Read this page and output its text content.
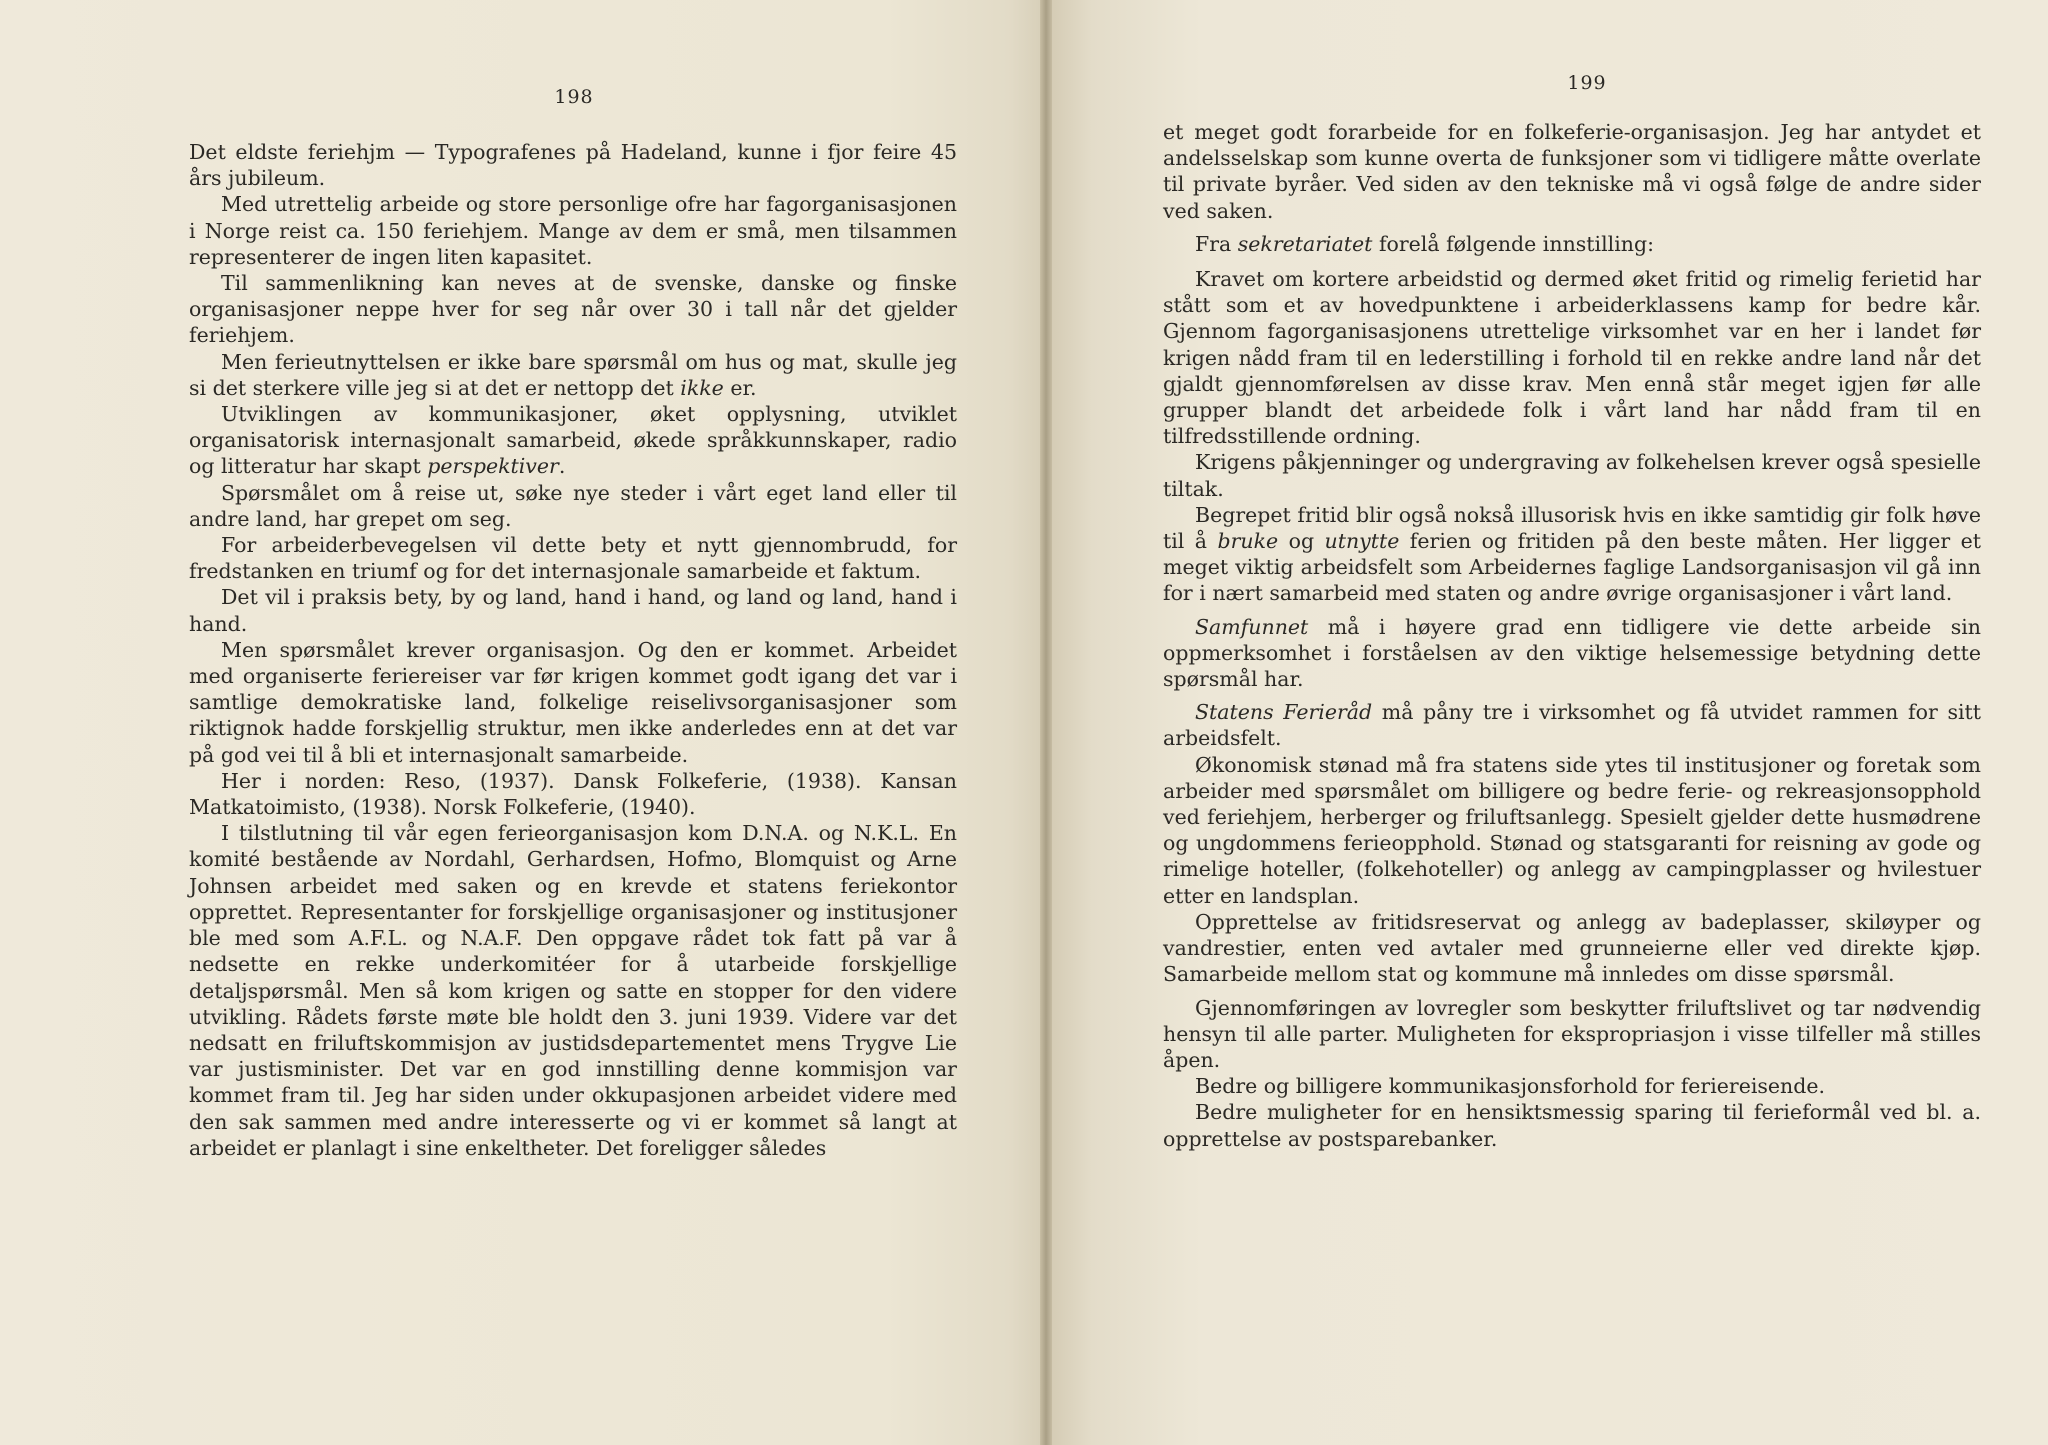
198

Det eldste feriehjm — Typografenes på Hadeland, kunne i fjor feire 45 års jubileum.

Med utrettelig arbeide og store personlige ofre har fagorganisasjonen i Norge reist ca. 150 feriehjem. Mange av dem er små, men tilsammen representerer de ingen liten kapasitet.

Til sammenlikning kan neves at de svenske, danske og finske organisasjoner neppe hver for seg når over 30 i tall når det gjelder feriehjem.

Men ferieutnyttelsen er ikke bare spørsmål om hus og mat, skulle jeg si det sterkere ville jeg si at det er nettopp det ikke er.

Utviklingen av kommunikasjoner, øket opplysning, utviklet organisatorisk internasjonalt samarbeid, økede språkkunnskaper, radio og litteratur har skapt perspektiver.

Spørsmålet om å reise ut, søke nye steder i vårt eget land eller til andre land, har grepet om seg.

For arbeiderbevegelsen vil dette bety et nytt gjennombrudd, for fredstanken en triumf og for det internasjonale samarbeide et faktum.

Det vil i praksis bety, by og land, hand i hand, og land og land, hand i hand.

Men spørsmålet krever organisasjon. Og den er kommet. Arbeidet med organiserte feriereiser var før krigen kommet godt igang det var i samtlige demokratiske land, folkelige reiselivsorganisasjoner som riktignok hadde forskjellig struktur, men ikke anderledes enn at det var på god vei til å bli et internasjonalt samarbeide.

Her i norden: Reso, (1937). Dansk Folkeferie, (1938). Kansan Matkatoimisto, (1938). Norsk Folkeferie, (1940).

I tilstlutning til vår egen ferieorganisasjon kom D.N.A. og N.K.L. En komité bestående av Nordahl, Gerhardsen, Hofmo, Blomquist og Arne Johnsen arbeidet med saken og en krevde et statens feriekontor opprettet. Representanter for forskjellige organisasjoner og institusjoner ble med som A.F.L. og N.A.F. Den oppgave rådet tok fatt på var å nedsette en rekke underkomitéer for å utarbeide forskjellige detaljspørsmål. Men så kom krigen og satte en stopper for den videre utvikling. Rådets første møte ble holdt den 3. juni 1939. Videre var det nedsatt en friluftskommisjon av justidsdepartementet mens Trygve Lie var justisminister. Det var en god innstilling denne kommisjon var kommet fram til. Jeg har siden under okkupasjonen arbeidet videre med den sak sammen med andre interesserte og vi er kommet så langt at arbeidet er planlagt i sine enkeltheter. Det foreligger således

199

et meget godt forarbeide for en folkeferie-organisasjon. Jeg har antydet et andelsselskap som kunne overta de funksjoner som vi tidligere måtte overlate til private byråer. Ved siden av den tekniske må vi også følge de andre sider ved saken.

Fra sekretariatet forelå følgende innstilling:

Kravet om kortere arbeidstid og dermed øket fritid og rimelig ferietid har stått som et av hovedpunktene i arbeiderklassens kamp for bedre kår. Gjennom fagorganisasjonens utrettelige virksomhet var en her i landet før krigen nådd fram til en lederstilling i forhold til en rekke andre land når det gjaldt gjennomførelsen av disse krav. Men ennå står meget igjen før alle grupper blandt det arbeidede folk i vårt land har nådd fram til en tilfredsstillende ordning.

Krigens påkjenninger og undergraving av folkehelsen krever også spesielle tiltak.

Begrepet fritid blir også nokså illusorisk hvis en ikke samtidig gir folk høve til å bruke og utnytte ferien og fritiden på den beste måten. Her ligger et meget viktig arbeidsfelt som Arbeidernes faglige Landsorganisasjon vil gå inn for i nært samarbeid med staten og andre øvrige organisasjoner i vårt land.

Samfunnet må i høyere grad enn tidligere vie dette arbeide sin oppmerksomhet i forståelsen av den viktige helsemessige betydning dette spørsmål har.

Statens Ferieråd må påny tre i virksomhet og få utvidet rammen for sitt arbeidsfelt.

Økonomisk stønad må fra statens side ytes til institusjoner og foretak som arbeider med spørsmålet om billigere og bedre ferie- og rekreasjonsopphold ved feriehjem, herberger og friluftsanlegg. Spesielt gjelder dette husmødrene og ungdommens ferieopphold. Stønad og statsgaranti for reisning av gode og rimelige hoteller, (folkehoteller) og anlegg av campingplasser og hvilestuer etter en landsplan.

Opprettelse av fritidsreservat og anlegg av badeplasser, skiløyper og vandrestier, enten ved avtaler med grunneierne eller ved direkte kjøp. Samarbeide mellom stat og kommune må innledes om disse spørsmål.

Gjennomføringen av lovregler som beskytter friluftslivet og tar nødvendig hensyn til alle parter. Muligheten for ekspropriasjon i visse tilfeller må stilles åpen.

Bedre og billigere kommunikasjonsforhold for feriereisende.

Bedre muligheter for en hensiktsmessig sparing til ferieformål ved bl. a. opprettelse av postsparebanker.
